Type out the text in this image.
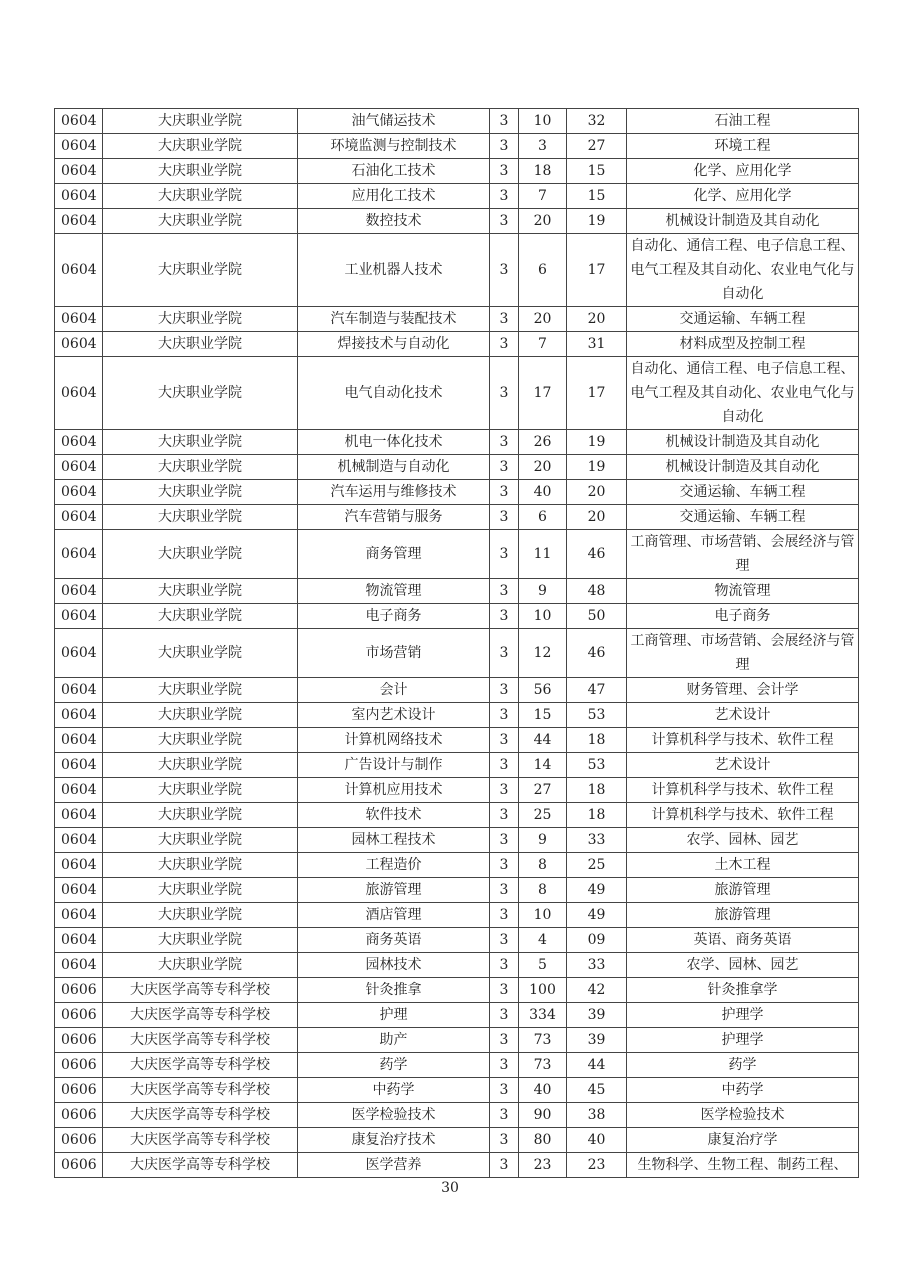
0604	大庆职业学院	油气储运技术	3	10	32	石油工程
0604	大庆职业学院	环境监测与控制技术	3	3	27	环境工程
0604	大庆职业学院	石油化工技术	3	18	15	化学、应用化学
0604	大庆职业学院	应用化工技术	3	7	15	化学、应用化学
0604	大庆职业学院	数控技术	3	20	19	机械设计制造及其自动化
0604	大庆职业学院	工业机器人技术	3	6	17	自动化、通信工程、电子信息工程、电气工程及其自动化、农业电气化与自动化
0604	大庆职业学院	汽车制造与装配技术	3	20	20	交通运输、车辆工程
0604	大庆职业学院	焊接技术与自动化	3	7	31	材料成型及控制工程
0604	大庆职业学院	电气自动化技术	3	17	17	自动化、通信工程、电子信息工程、电气工程及其自动化、农业电气化与自动化
0604	大庆职业学院	机电一体化技术	3	26	19	机械设计制造及其自动化
0604	大庆职业学院	机械制造与自动化	3	20	19	机械设计制造及其自动化
0604	大庆职业学院	汽车运用与维修技术	3	40	20	交通运输、车辆工程
0604	大庆职业学院	汽车营销与服务	3	6	20	交通运输、车辆工程
0604	大庆职业学院	商务管理	3	11	46	工商管理、市场营销、会展经济与管理
0604	大庆职业学院	物流管理	3	9	48	物流管理
0604	大庆职业学院	电子商务	3	10	50	电子商务
0604	大庆职业学院	市场营销	3	12	46	工商管理、市场营销、会展经济与管理
0604	大庆职业学院	会计	3	56	47	财务管理、会计学
0604	大庆职业学院	室内艺术设计	3	15	53	艺术设计
0604	大庆职业学院	计算机网络技术	3	44	18	计算机科学与技术、软件工程
0604	大庆职业学院	广告设计与制作	3	14	53	艺术设计
0604	大庆职业学院	计算机应用技术	3	27	18	计算机科学与技术、软件工程
0604	大庆职业学院	软件技术	3	25	18	计算机科学与技术、软件工程
0604	大庆职业学院	园林工程技术	3	9	33	农学、园林、园艺
0604	大庆职业学院	工程造价	3	8	25	土木工程
0604	大庆职业学院	旅游管理	3	8	49	旅游管理
0604	大庆职业学院	酒店管理	3	10	49	旅游管理
0604	大庆职业学院	商务英语	3	4	09	英语、商务英语
0604	大庆职业学院	园林技术	3	5	33	农学、园林、园艺
0606	大庆医学高等专科学校	针灸推拿	3	100	42	针灸推拿学
0606	大庆医学高等专科学校	护理	3	334	39	护理学
0606	大庆医学高等专科学校	助产	3	73	39	护理学
0606	大庆医学高等专科学校	药学	3	73	44	药学
0606	大庆医学高等专科学校	中药学	3	40	45	中药学
0606	大庆医学高等专科学校	医学检验技术	3	90	38	医学检验技术
0606	大庆医学高等专科学校	康复治疗技术	3	80	40	康复治疗学
0606	大庆医学高等专科学校	医学营养	3	23	23	生物科学、生物工程、制药工程、
30
